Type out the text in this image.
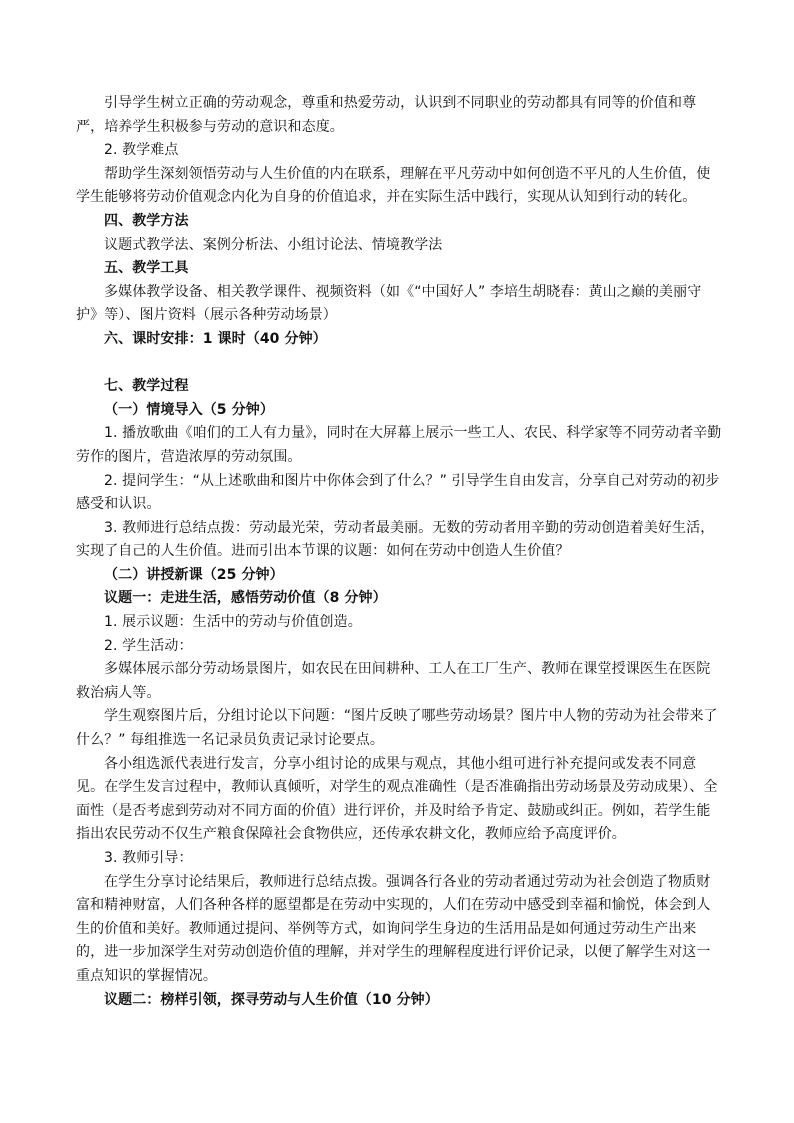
引导学生树立正确的劳动观念，尊重和热爱劳动，认识到不同职业的劳动都具有同等的价值和尊严，培养学生积极参与劳动的意识和态度。

2. 教学难点

帮助学生深刻领悟劳动与人生价值的内在联系，理解在平凡劳动中如何创造不平凡的人生价值，使学生能够将劳动价值观念内化为自身的价值追求，并在实际生活中践行，实现从认知到行动的转化。

四、教学方法

议题式教学法、案例分析法、小组讨论法、情境教学法

五、教学工具

多媒体教学设备、相关教学课件、视频资料（如《“中国好人” 李培生胡晓春：黄山之巅的美丽守护》等）、图片资料（展示各种劳动场景）

六、课时安排：1 课时（40 分钟）

七、教学过程

（一）情境导入（5 分钟）

1. 播放歌曲《咱们的工人有力量》，同时在大屏幕上展示一些工人、农民、科学家等不同劳动者辛勤劳作的图片，营造浓厚的劳动氛围。

2. 提问学生：“从上述歌曲和图片中你体会到了什么？” 引导学生自由发言，分享自己对劳动的初步感受和认识。

3. 教师进行总结点拨：劳动最光荣，劳动者最美丽。无数的劳动者用辛勤的劳动创造着美好生活，实现了自己的人生价值。进而引出本节课的议题：如何在劳动中创造人生价值？

（二）讲授新课（25 分钟）

议题一：走进生活，感悟劳动价值（8 分钟）

1. 展示议题：生活中的劳动与价值创造。

2. 学生活动：

多媒体展示部分劳动场景图片，如农民在田间耕种、工人在工厂生产、教师在课堂授课医生在医院救治病人等。

学生观察图片后，分组讨论以下问题：“图片反映了哪些劳动场景？图片中人物的劳动为社会带来了什么？” 每组推选一名记录员负责记录讨论要点。

各小组选派代表进行发言，分享小组讨论的成果与观点，其他小组可进行补充提问或发表不同意见。在学生发言过程中，教师认真倾听，对学生的观点准确性（是否准确指出劳动场景及劳动成果）、全面性（是否考虑到劳动对不同方面的价值）进行评价，并及时给予肯定、鼓励或纠正。例如，若学生能指出农民劳动不仅生产粮食保障社会食物供应，还传承农耕文化，教师应给予高度评价。

3. 教师引导：

在学生分享讨论结果后，教师进行总结点拨。强调各行各业的劳动者通过劳动为社会创造了物质财富和精神财富，人们各种各样的愿望都是在劳动中实现的，人们在劳动中感受到幸福和愉悦，体会到人生的价值和美好。教师通过提问、举例等方式，如询问学生身边的生活用品是如何通过劳动生产出来的，进一步加深学生对劳动创造价值的理解，并对学生的理解程度进行评价记录，以便了解学生对这一重点知识的掌握情况。

议题二：榜样引领，探寻劳动与人生价值（10 分钟）
